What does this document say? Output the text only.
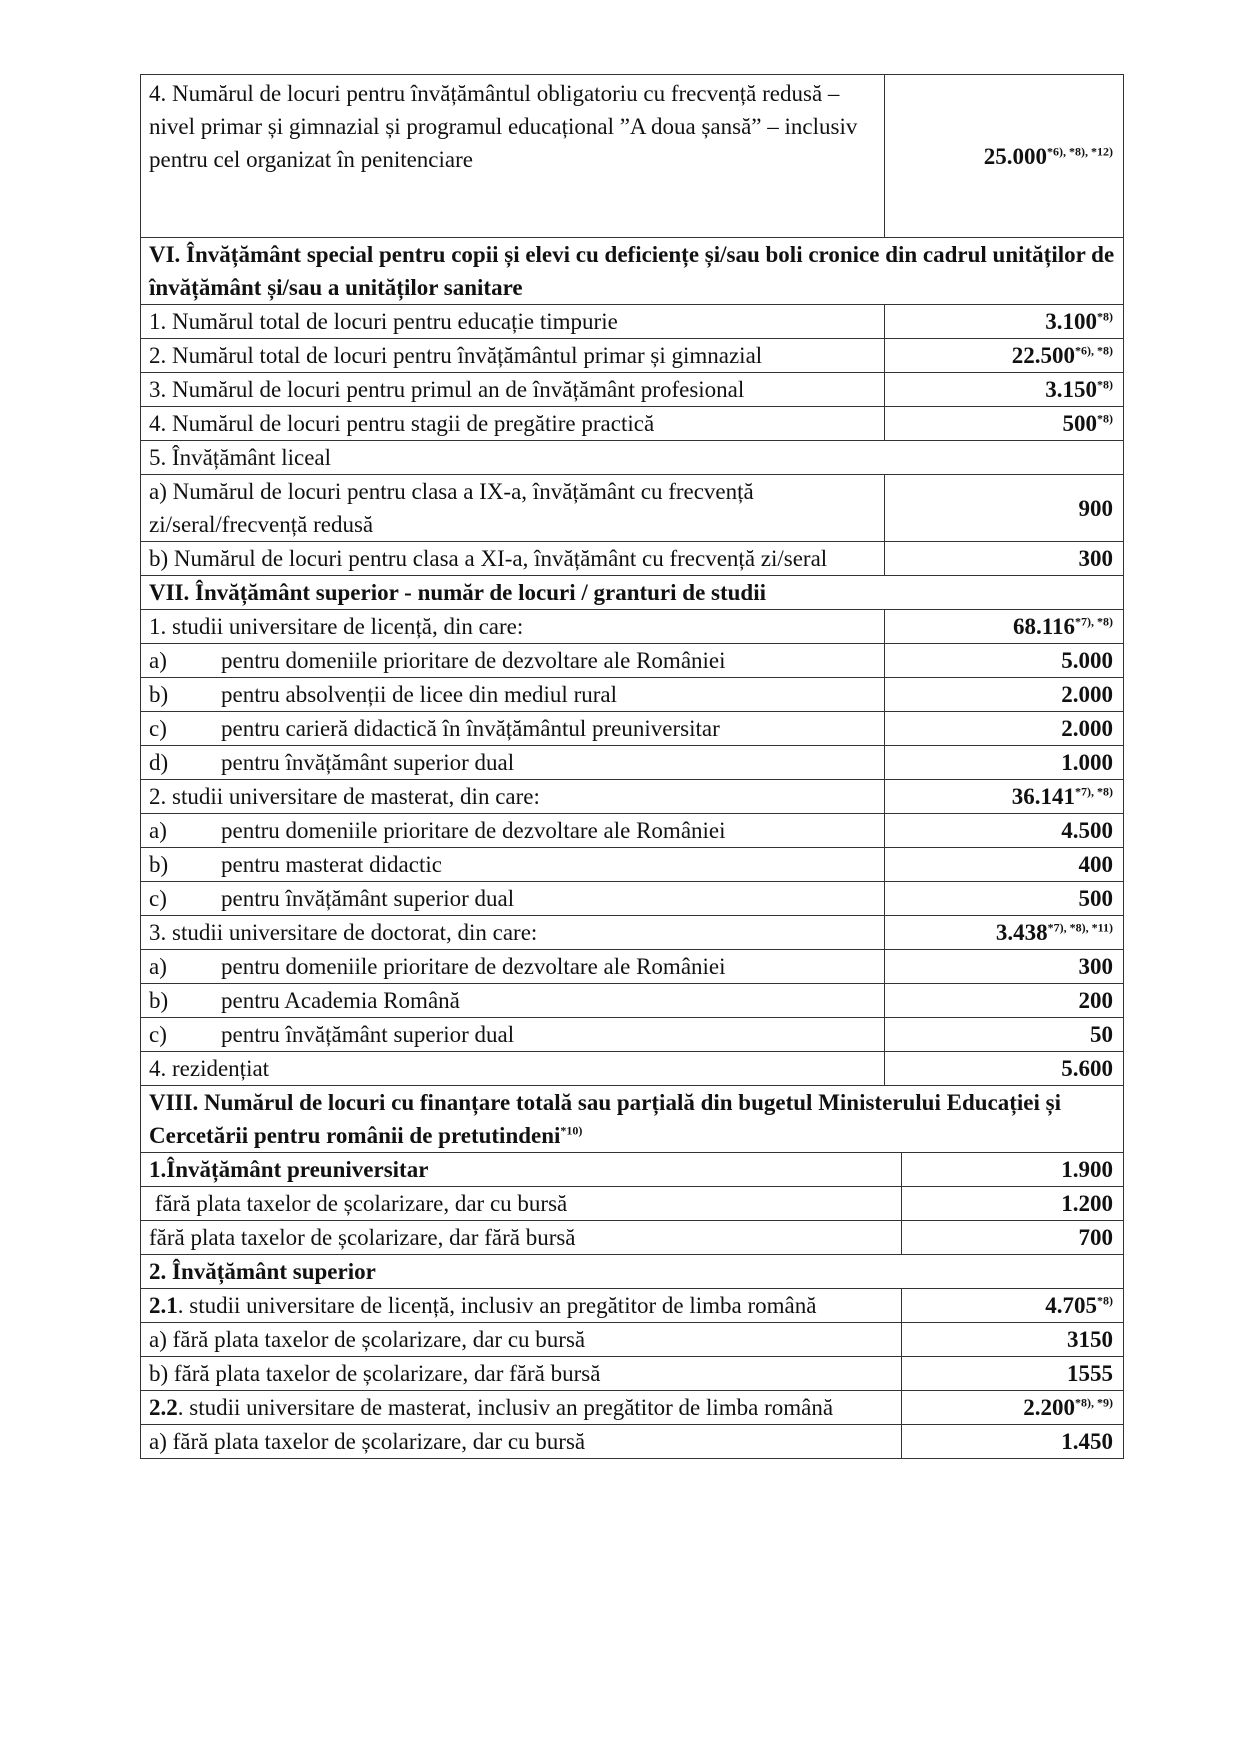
4. Numărul de locuri pentru învățământul obligatoriu cu frecvență redusă – nivel primar și gimnazial și programul educațional ”A doua șansă” – inclusiv pentru cel organizat în penitenciare	$25.000^{*6), *8), *12)}$
VI. Învățământ special pentru copii și elevi cu deficiențe și/sau boli cronice din cadrul unităților de învățământ și/sau a unităților sanitare	
1. Numărul total de locuri pentru educație timpurie	3.100$^{*8)}$
2. Numărul total de locuri pentru învățământul primar și gimnazial	$22.500^{*6), *8)}$
3. Numărul de locuri pentru primul an de învățământ profesional	3.150$^{*8)}$
4. Numărul de locuri pentru stagii de pregătire practică	500$^{*8)}$
5. Învățământ liceal	
a) Numărul de locuri pentru clasa a IX-a, învățământ cu frecvență zi/seral/frecvență redusă	900
b) Numărul de locuri pentru clasa a XI-a, învățământ cu frecvență zi/seral	300
VII. Învățământ superior - număr de locuri / granturi de studii	
1. studii universitare de licență, din care:	$68.116^{*7), *8)}$
a) pentru domeniile prioritare de dezvoltare ale României	5.000
b) pentru absolvenții de licee din mediul rural	2.000
c) pentru carieră didactică în învățământul preuniversitar	2.000
d) pentru învățământ superior dual	1.000
2. studii universitare de masterat, din care:	$36.141^{*7), *8)}$
a) pentru domeniile prioritare de dezvoltare ale României	4.500
b) pentru masterat didactic	400
c) pentru învățământ superior dual	500
3. studii universitare de doctorat, din care:	$3.438^{*7), *8), *11)}$
a) pentru domeniile prioritare de dezvoltare ale României	300
b) pentru Academia Română	200
c) pentru învățământ superior dual	50
4. rezidențiat	5.600
VIII. Numărul de locuri cu finanțare totală sau parțială din bugetul Ministerului Educației și Cercetării pentru românii de pretutindeni$^{*10)}$
1.Învățământ preuniversitar	1.900
fără plata taxelor de școlarizare, dar cu bursă	1.200
fără plata taxelor de școlarizare, dar fără bursă	700
2. Învățământ superior	
2.1. studii universitare de licență, inclusiv an pregătitor de limba română	4.705$^{*8)}$
a) fără plata taxelor de școlarizare, dar cu bursă	3150
b) fără plata taxelor de școlarizare, dar fără bursă	1555
2.2. studii universitare de masterat, inclusiv an pregătitor de limba română	$2.200^{*8), *9)}$
a) fără plata taxelor de școlarizare, dar cu bursă	1.450
